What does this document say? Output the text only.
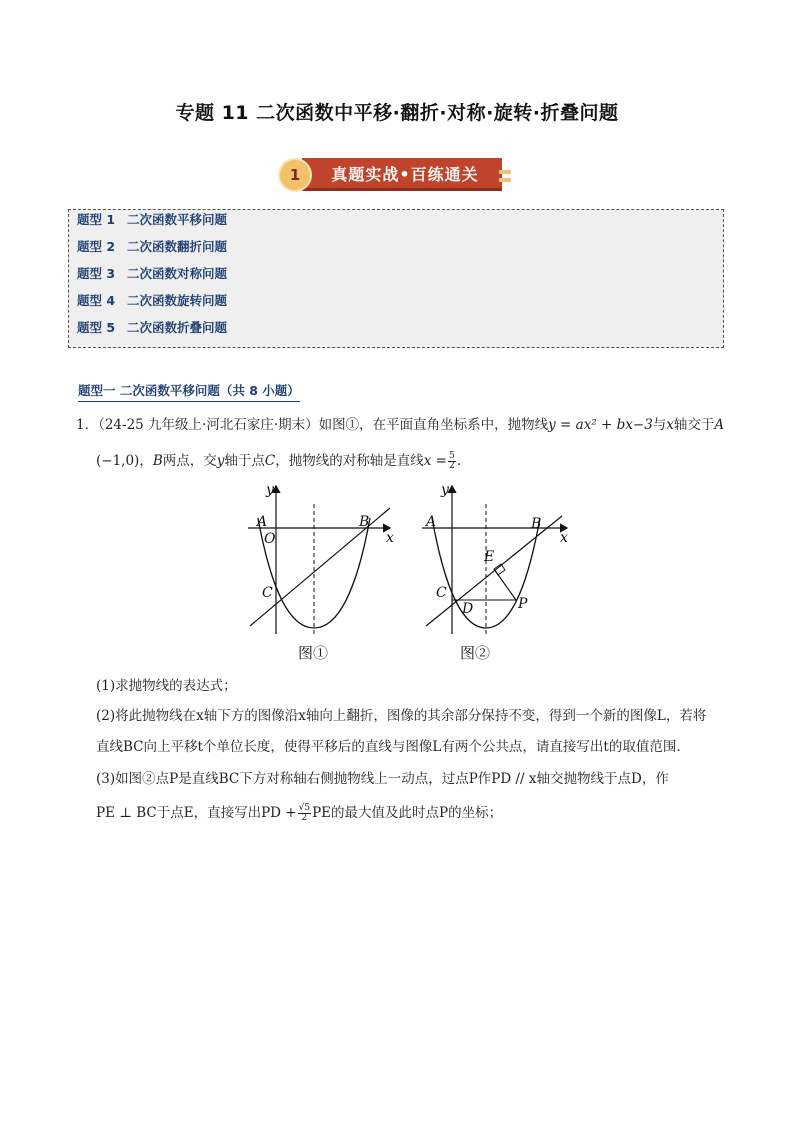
专题 11 二次函数中平移·翻折·对称·旋转·折叠问题
真题实战•百练通关
1
题型 1 二次函数平移问题
题型 2 二次函数翻折问题
题型 3 二次函数对称问题
题型 4 二次函数旋转问题
题型 5 二次函数折叠问题
题型一 二次函数平移问题（共 8 小题）
1．（24-25 九年级上·河北石家庄·期末）如图①，在平面直角坐标系中，抛物线y = ax² + bx−3与x轴交于A
(−1,0)，B两点，交y轴于点C，抛物线的对称轴是直线$x = \frac{5}{2}$ .
A
O
B
C
y
x
图①
A	B
C
D
E
P
y
x
图②
(1)求抛物线的表达式；
(2)将此抛物线在x轴下方的图像沿x轴向上翻折，图像的其余部分保持不变，得到一个新的图像L，若将
直线BC向上平移t个单位长度，使得平移后的直线与图像L有两个公共点，请直接写出t的取值范围.
(3)如图②点P是直线BC下方对称轴右侧抛物线上一动点，过点P作PD // x轴交抛物线于点D，作
PE ⊥ BC于点E，直接写出PD + $\frac{√5}{2}$ PE的最大值及此时点P的坐标；
